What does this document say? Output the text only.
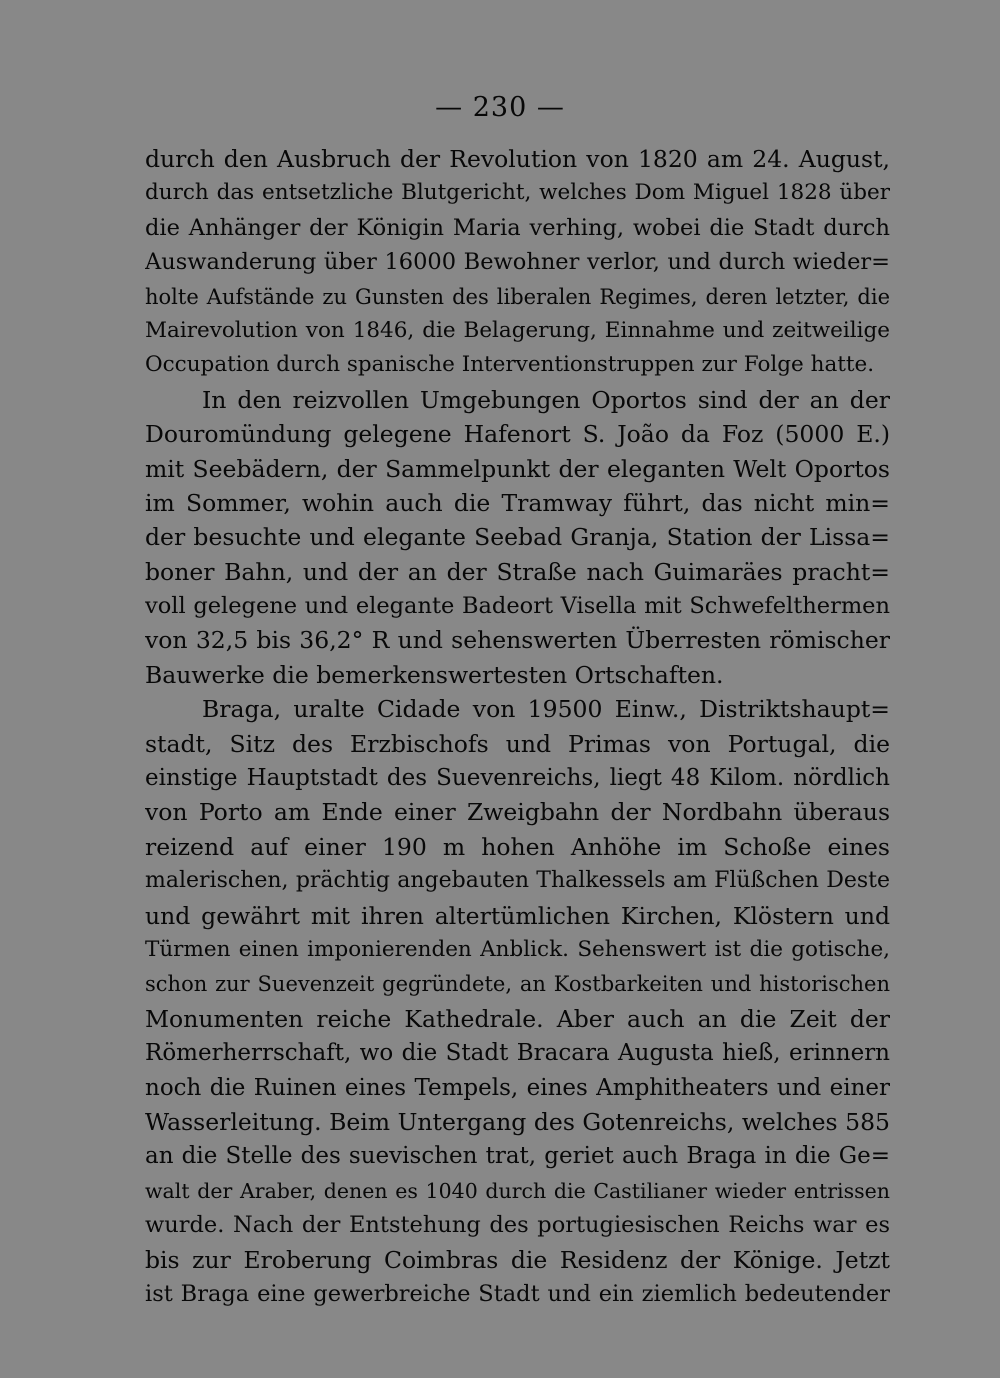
— 230 —
durch den Ausbruch der Revolution von 1820 am 24. August,
durch das entsetzliche Blutgericht, welches Dom Miguel 1828 über
die Anhänger der Königin Maria verhing, wobei die Stadt durch
Auswanderung über 16000 Bewohner verlor, und durch wieder=
holte Aufstände zu Gunsten des liberalen Regimes, deren letzter, die
Mairevolution von 1846, die Belagerung, Einnahme und zeitweilige
Occupation durch spanische Interventionstruppen zur Folge hatte.
In den reizvollen Umgebungen Oportos sind der an der
Douromündung gelegene Hafenort S. João da Foz (5000 E.)
mit Seebädern, der Sammelpunkt der eleganten Welt Oportos
im Sommer, wohin auch die Tramway führt, das nicht min=
der besuchte und elegante Seebad Granja, Station der Lissa=
boner Bahn, und der an der Straße nach Guimaräes pracht=
voll gelegene und elegante Badeort Visella mit Schwefelthermen
von 32,5 bis 36,2° R und sehenswerten Überresten römischer
Bauwerke die bemerkenswertesten Ortschaften.
Braga, uralte Cidade von 19500 Einw., Distriktshaupt=
stadt, Sitz des Erzbischofs und Primas von Portugal, die
einstige Hauptstadt des Suevenreichs, liegt 48 Kilom. nördlich
von Porto am Ende einer Zweigbahn der Nordbahn überaus
reizend auf einer 190 m hohen Anhöhe im Schoße eines
malerischen, prächtig angebauten Thalkessels am Flüßchen Deste
und gewährt mit ihren altertümlichen Kirchen, Klöstern und
Türmen einen imponierenden Anblick. Sehenswert ist die gotische,
schon zur Suevenzeit gegründete, an Kostbarkeiten und historischen
Monumenten reiche Kathedrale. Aber auch an die Zeit der
Römerherrschaft, wo die Stadt Bracara Augusta hieß, erinnern
noch die Ruinen eines Tempels, eines Amphitheaters und einer
Wasserleitung. Beim Untergang des Gotenreichs, welches 585
an die Stelle des suevischen trat, geriet auch Braga in die Ge=
walt der Araber, denen es 1040 durch die Castilianer wieder entrissen
wurde. Nach der Entstehung des portugiesischen Reichs war es
bis zur Eroberung Coimbras die Residenz der Könige. Jetzt
ist Braga eine gewerbreiche Stadt und ein ziemlich bedeutender
